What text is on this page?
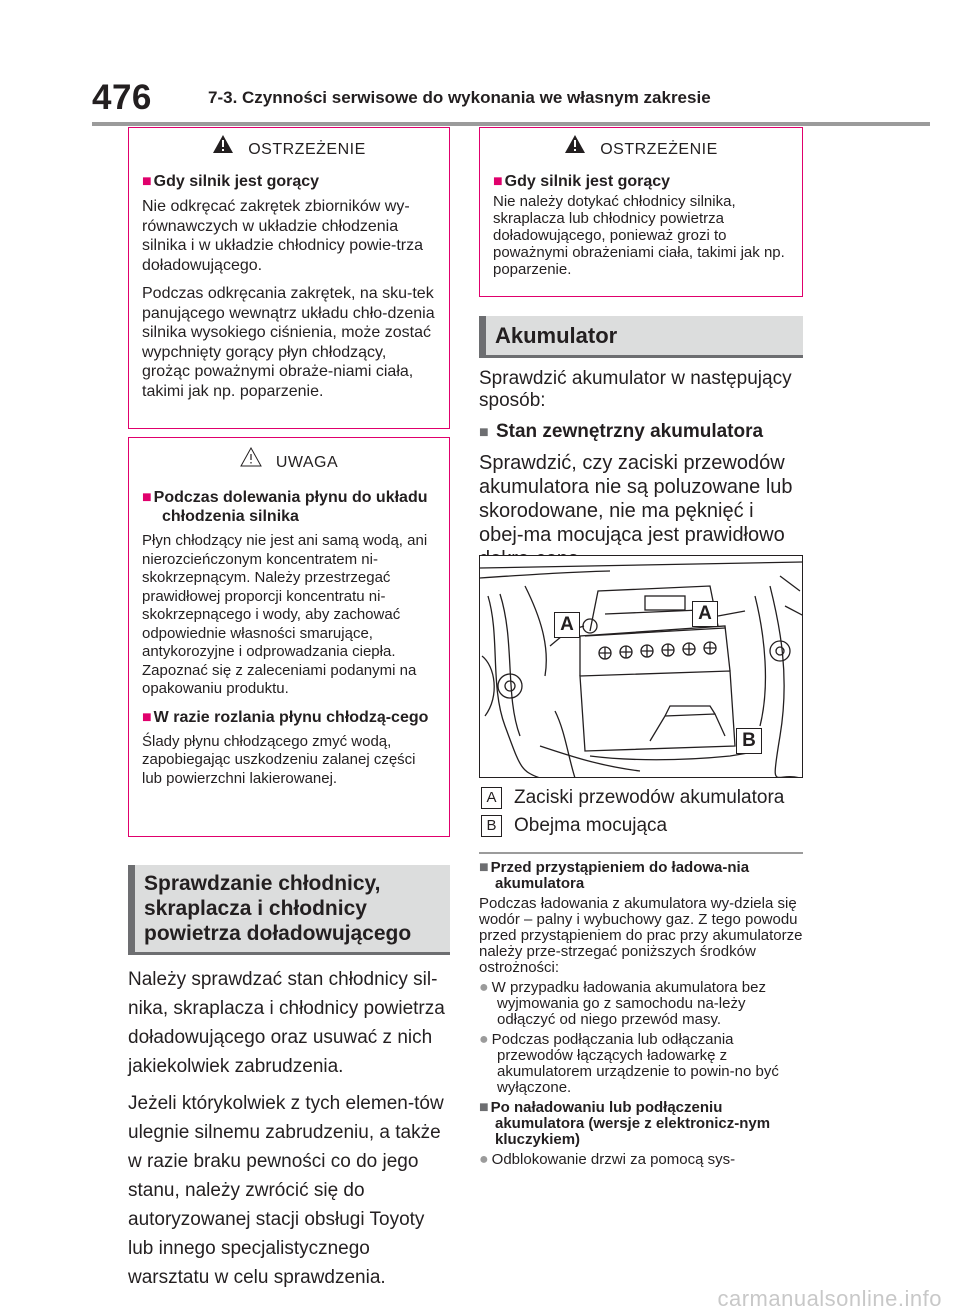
476	7-3. Czynności serwisowe do wykonania we własnym zakresie
OSTRZEŻENIE

■ Gdy silnik jest gorący

Nie odkręcać zakrętek zbiorników wy-równawczych w układzie chłodzenia silnika i w układzie chłodnicy powie-trza doładowującego.

Podczas odkręcania zakrętek, na sku-tek panującego wewnątrz układu chło-dzenia silnika wysokiego ciśnienia, może zostać wypchnięty gorący płyn chłodzący, grożąc poważnymi obraże-niami ciała, takimi jak np. poparzenie.

UWAGA

■ Podczas dolewania płynu do układu chłodzenia silnika

Płyn chłodzący nie jest ani samą wodą, ani nierozcieńczonym koncentratem ni-skokrzepnącym. Należy przestrzegać prawidłowej proporcji koncentratu ni-skokrzepnącego i wody, aby zachować odpowiednie własności smarujące, antykorozyjne i odprowadzania ciepła. Zapoznać się z zaleceniami podanymi na opakowaniu produktu.

■ W razie rozlania płynu chłodzą-cego

Ślady płynu chłodzącego zmyć wodą, zapobiegając uszkodzeniu zalanej części lub powierzchni lakierowanej.

Sprawdzanie chłodnicy, skraplacza i chłodnicy powietrza doładowującego

Należy sprawdzać stan chłodnicy sil-nika, skraplacza i chłodnicy powietrza doładowującego oraz usuwać z nich jakiekolwiek zabrudzenia.

Jeżeli którykolwiek z tych elemen-tów ulegnie silnemu zabrudzeniu, a także w razie braku pewności co do jego stanu, należy zwrócić się do autoryzowanej stacji obsługi Toyoty lub innego specjalistycznego warsztatu w celu sprawdzenia.

OSTRZEŻENIE

■ Gdy silnik jest gorący

Nie należy dotykać chłodnicy silnika, skraplacza lub chłodnicy powietrza doładowującego, ponieważ grozi to poważnymi obrażeniami ciała, takimi jak np. poparzenie.

Akumulator

Sprawdzić akumulator w następujący sposób:

■ Stan zewnętrzny akumulatora

Sprawdzić, czy zaciski przewodów akumulatora nie są poluzowane lub skorodowane, nie ma pęknięć i obej-ma mocująca jest prawidłowo

A
A
B
A Zaciski przewodów akumulatora
B Obejma mocująca

■ Przed przystąpieniem do ładowa-nia akumulatora

Podczas ładowania z akumulatora wy-dziela się wodór – palny i wybuchowy gaz. Z tego powodu przed przystąpieniem do prac przy akumulatorze należy prze-strzegać poniższych środków ostrożności:

● W przypadku ładowania akumulatora bez wyjmowania go z samochodu na-leży odłączyć od niego przewód masy.

● Podczas podłączania lub odłączania przewodów łączących ładowarkę z akumulatorem urządzenie to powin-no być wyłączone.

■ Po naładowaniu lub podłączeniu akumulatora (wersje z elektronicz-nym kluczykiem)

● Odblokowanie drzwi za pomocą sys-

carmanualsonline.info
